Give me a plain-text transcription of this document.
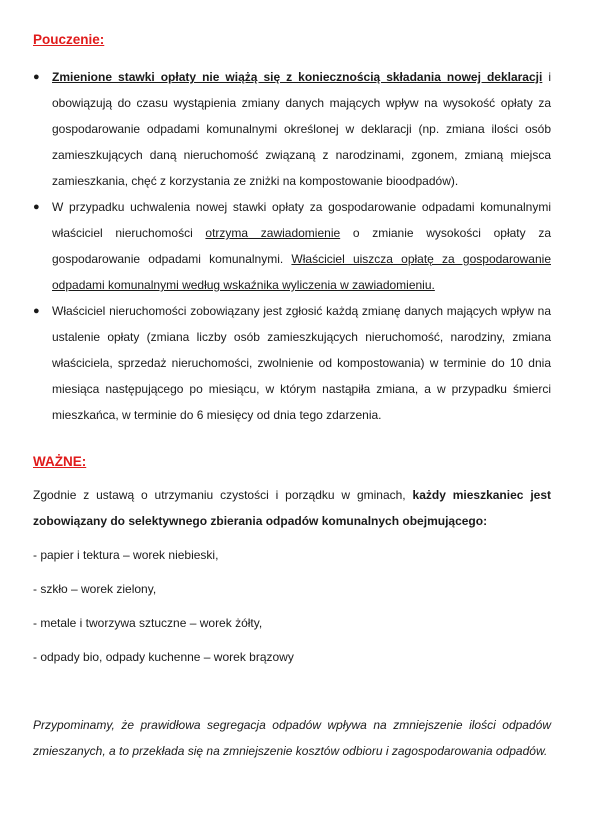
Pouczenie:
● Zmienione stawki opłaty nie wiążą się z koniecznością składania nowej deklaracji i obowiązują do czasu wystąpienia zmiany danych mających wpływ na wysokość opłaty za gospodarowanie odpadami komunalnymi określonej w deklaracji (np. zmiana ilości osób zamieszkujących daną nieruchomość związaną z narodzinami, zgonem, zmianą miejsca zamieszkania, chęć z korzystania ze zniżki na kompostowanie bioodpadów).
● W przypadku uchwalenia nowej stawki opłaty za gospodarowanie odpadami komunalnymi właściciel nieruchomości otrzyma zawiadomienie o zmianie wysokości opłaty za gospodarowanie odpadami komunalnymi. Właściciel uiszcza opłatę za gospodarowanie odpadami komunalnymi według wskaźnika wyliczenia w zawiadomieniu.
● Właściciel nieruchomości zobowiązany jest zgłosić każdą zmianę danych mających wpływ na ustalenie opłaty (zmiana liczby osób zamieszkujących nieruchomość, narodziny, zmiana właściciela, sprzedaż nieruchomości, zwolnienie od kompostowania) w terminie do 10 dnia miesiąca następującego po miesiącu, w którym nastąpiła zmiana, a w przypadku śmierci mieszkańca, w terminie do 6 miesięcy od dnia tego zdarzenia.
WAŻNE:

Zgodnie z ustawą o utrzymaniu czystości i porządku w gminach, każdy mieszkaniec jest zobowiązany do selektywnego zbierania odpadów komunalnych obejmującego:

- papier i tektura – worek niebieski,

- szkło – worek zielony,

- metale i tworzywa sztuczne – worek żółty,

- odpady bio, odpady kuchenne – worek brązowy

Przypominamy, że prawidłowa segregacja odpadów wpływa na zmniejszenie ilości odpadów zmieszanych, a to przekłada się na zmniejszenie kosztów odbioru i zagospodarowania odpadów.
